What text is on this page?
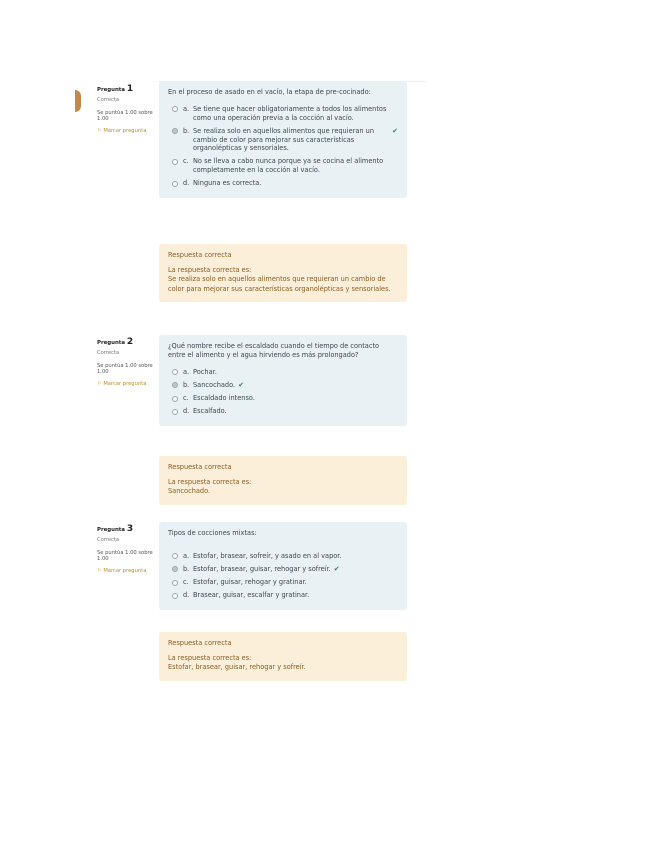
Pregunta 1
Correcta
Se puntúa 1.00 sobre 1.00
⚐ Marcar pregunta
En el proceso de asado en el vacío, la etapa de pre-cocinado:
a. Se tiene que hacer obligatoriamente a todos los alimentos como una operación previa a la cocción al vacío.
b. Se realiza solo en aquellos alimentos que requieran un cambio de color para mejorar sus características organolépticas y sensoriales.
✔
c. No se lleva a cabo nunca porque ya se cocina el alimento completamente en la cocción al vacío.
d. Ninguna es correcta.
Respuesta correcta
La respuesta correcta es:
Se realiza solo en aquellos alimentos que requieran un cambio de color para mejorar sus características organolépticas y sensoriales.
Pregunta 2
Correcta
Se puntúa 1.00 sobre 1.00
⚐ Marcar pregunta
¿Qué nombre recibe el escaldado cuando el tiempo de contacto entre el alimento y el agua hirviendo es más prolongado?
a. Pochar.
b. Sancochado. ✔
c. Escaldado intenso.
d. Escalfado.
Respuesta correcta
La respuesta correcta es:
Sancochado.
Pregunta 3
Correcta
Se puntúa 1.00 sobre 1.00
⚐ Marcar pregunta
Tipos de cocciones mixtas:
a. Estofar, brasear, sofreír, y asado en al vapor.
b. Estofar, brasear, guisar, rehogar y sofreír. ✔
c. Estofar, guisar, rehogar y gratinar.
d. Brasear, guisar, escalfar y gratinar.
Respuesta correcta
La respuesta correcta es:
Estofar, brasear, guisar, rehogar y sofreír.
